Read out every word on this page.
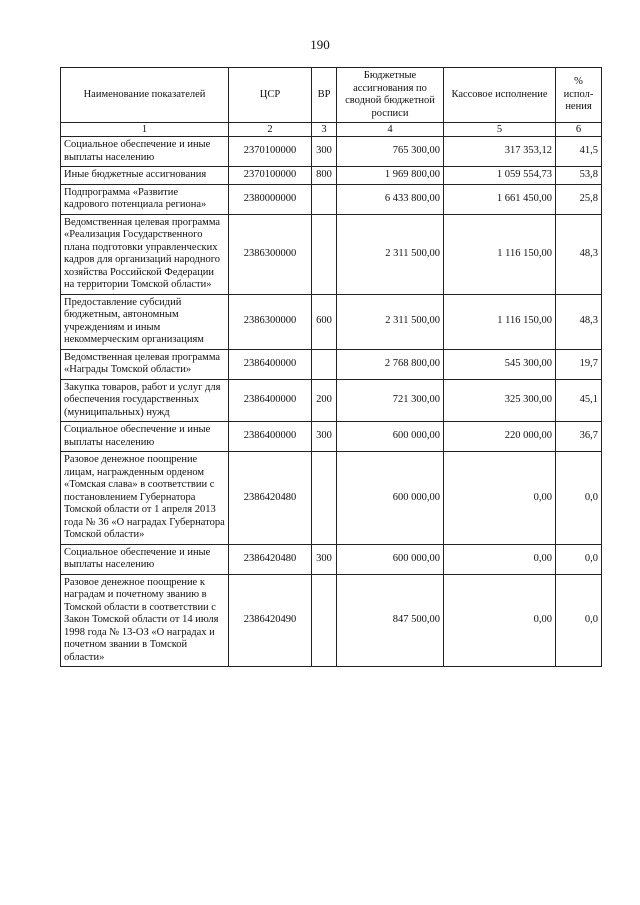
190
Наименование показателей	ЦСР	ВР	Бюджетные ассигнования по сводной бюджетной росписи	Кассовое исполнение	% испол-нения
1	2	3	4	5	6
Социальное обеспечение и иные выплаты населению	2370100000	300	765 300,00	317 353,12	41,5
Иные бюджетные ассигнования	2370100000	800	1 969 800,00	1 059 554,73	53,8
Подпрограмма «Развитие кадрового потенциала региона»	2380000000		6 433 800,00	1 661 450,00	25,8
Ведомственная целевая программа «Реализация Государственного плана подготовки управленческих кадров для организаций народного хозяйства Российской Федерации на территории Томской области»	2386300000		2 311 500,00	1 116 150,00	48,3
Предоставление субсидий бюджетным, автономным учреждениям и иным некоммерческим организациям	2386300000	600	2 311 500,00	1 116 150,00	48,3
Ведомственная целевая программа «Награды Томской области»	2386400000		2 768 800,00	545 300,00	19,7
Закупка товаров, работ и услуг для обеспечения государственных (муниципальных) нужд	2386400000	200	721 300,00	325 300,00	45,1
Социальное обеспечение и иные выплаты населению	2386400000	300	600 000,00	220 000,00	36,7
Разовое денежное поощрение лицам, награжденным орденом «Томская слава» в соответствии с постановлением Губернатора Томской области от 1 апреля 2013 года № 36 «О наградах Губернатора Томской области»	2386420480		600 000,00	0,00	0,0
Социальное обеспечение и иные выплаты населению	2386420480	300	600 000,00	0,00	0,0
Разовое денежное поощрение к наградам и почетному званию в Томской области в соответствии с Закон Томской области от 14 июля 1998 года № 13-ОЗ «О наградах и почетном звании в Томской области»	2386420490		847 500,00	0,00	0,0
